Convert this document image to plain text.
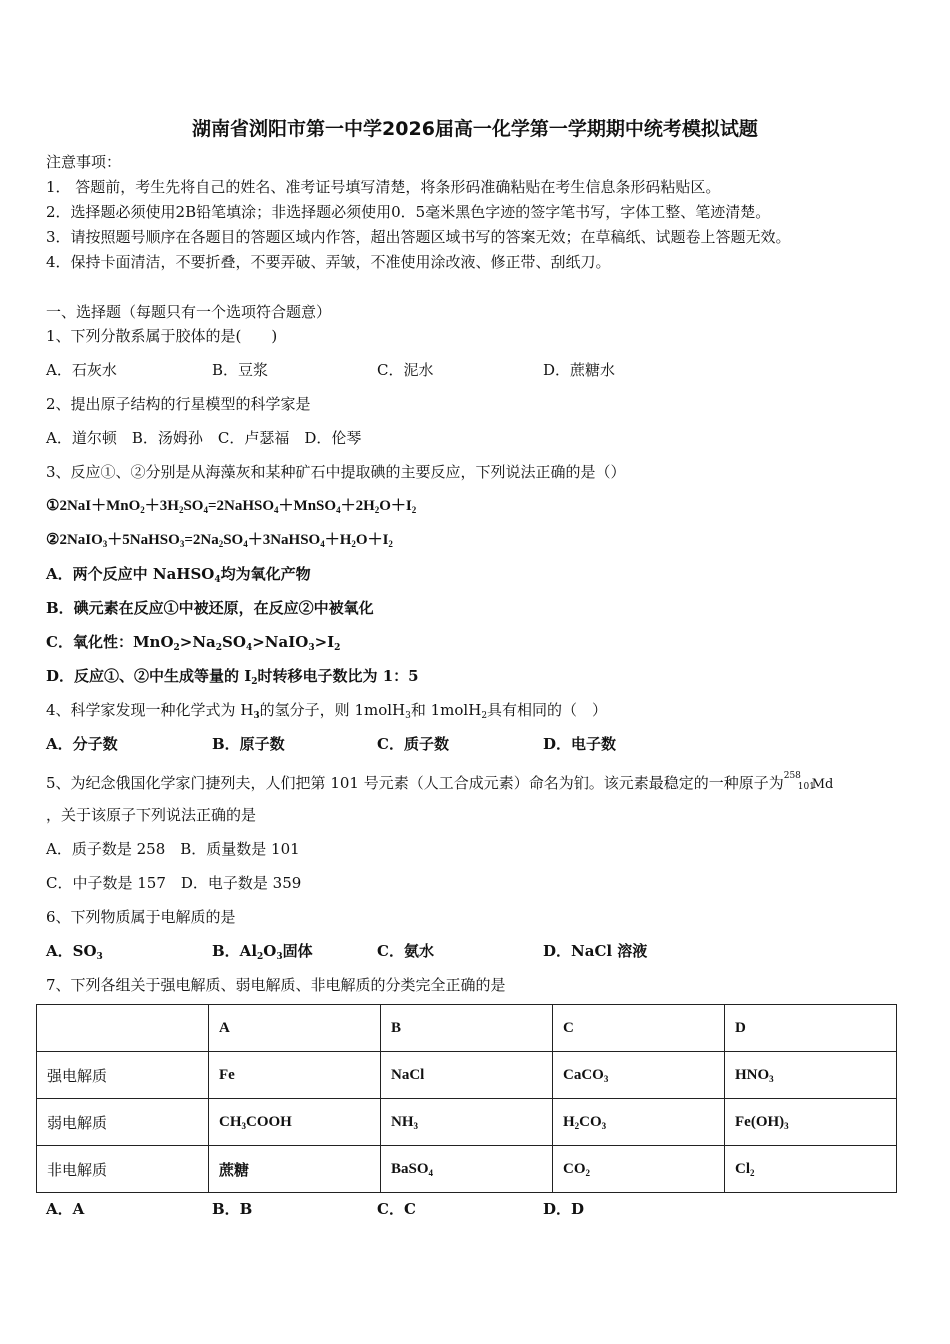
湖南省浏阳市第一中学2026届高一化学第一学期期中统考模拟试题
注意事项：
1． 答题前，考生先将自己的姓名、准考证号填写清楚，将条形码准确粘贴在考生信息条形码粘贴区。
2．选择题必须使用2B铅笔填涂；非选择题必须使用0．5毫米黑色字迹的签字笔书写，字体工整、笔迹清楚。
3．请按照题号顺序在各题目的答题区域内作答，超出答题区域书写的答案无效；在草稿纸、试题卷上答题无效。
4．保持卡面清洁，不要折叠，不要弄破、弄皱，不准使用涂改液、修正带、刮纸刀。
一、选择题（每题只有一个选项符合题意）
1、下列分散系属于胶体的是(　　)
A．石灰水	B．豆浆	C．泥水	D．蔗糖水
2、提出原子结构的行星模型的科学家是
A．道尔顿　B．汤姆孙　C．卢瑟福　D．伦琴
3、反应①、②分别是从海藻灰和某种矿石中提取碘的主要反应，下列说法正确的是（）
$①2NaI+MnO_2+3H_2SO_4=2NaHSO_4+MnSO_4+2H_2O+I_2$
$②2NaIO_3+5NaHSO_3=2Na_2SO_4+3NaHSO_4+H_2O+I_2$
A．两个反应中 NaHSO$_4$均为氧化产物
B．碘元素在反应①中被还原，在反应②中被氧化
C．氧化性：$MnO_2>Na_2SO_4>NaIO_3>I_2$
D．反应①、②中生成等量的 $I_2$时转移电子数比为 1：5
4、科学家发现一种化学式为 $H_3$的氢分子，则 1molH$_3$和 1molH$_2$具有相同的（　）
A．分子数	B．原子数	C．质子数	D．电子数
5、为纪念俄国化学家门捷列夫，人们把第 101 号元素（人工合成元素）命名为钔。该元素最稳定的一种原子为 258
101
Md
，关于该原子下列说法正确的是
A．质子数是 258　B．质量数是 101
C．中子数是 157　D．电子数是 359
6、下列物质属于电解质的是
A．$SO_3$	B．$Al_2O_3$固体	C．氨水	D．NaCl 溶液
7、下列各组关于强电解质、弱电解质、非电解质的分类完全正确的是
	A	B	C	D
强电解质	Fe	NaCl	CaCO$_3$	$HNO_3$
弱电解质	$CH_3COOH$	$NH_3$	$H_2CO_3$	$Fe(OH)_3$
非电解质	蔗糖	BaSO$_4$	$CO_2$	$Cl_2$
A．A	B．B	C．C	D．D
